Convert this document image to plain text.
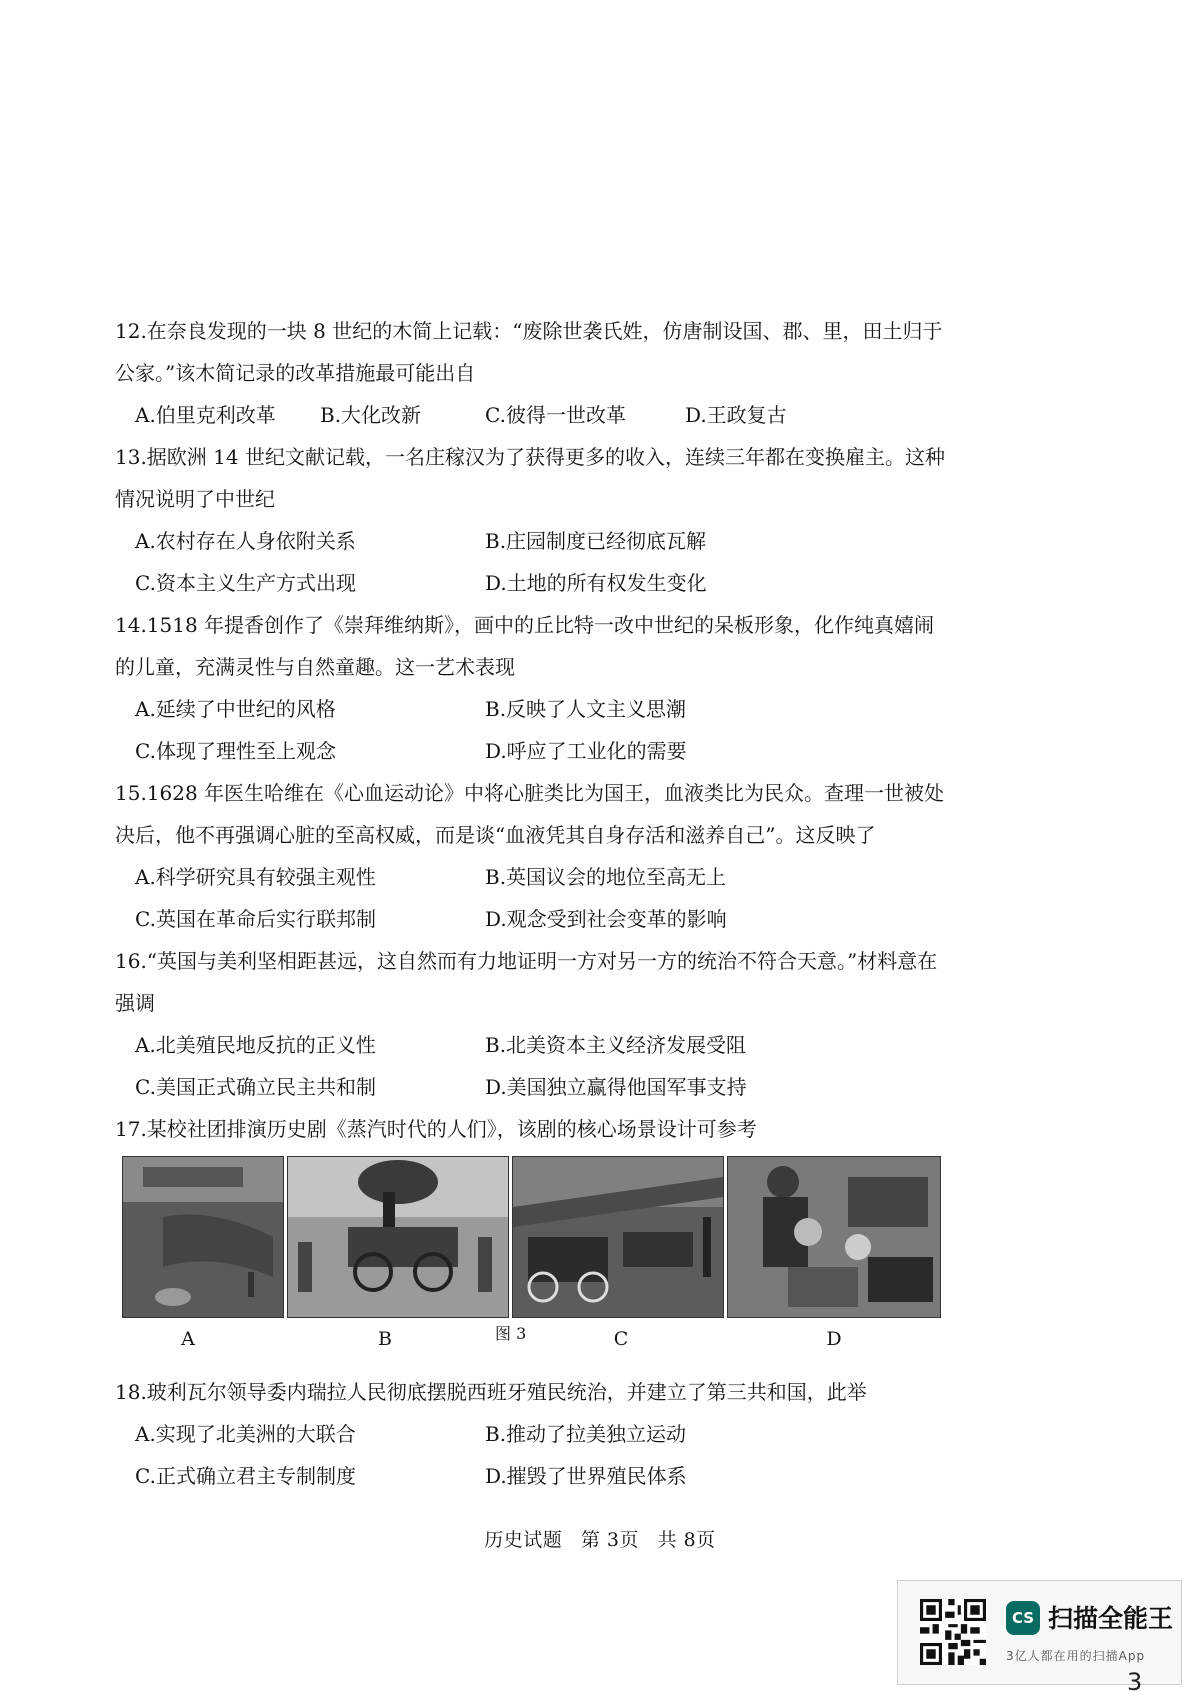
12.在奈良发现的一块 8 世纪的木简上记载：“废除世袭氏姓，仿唐制设国、郡、里，田土归于公家。”该木简记录的改革措施最可能出自

A.伯里克利改革 B.大化改新	C.彼得一世改革	D.王政复古

13.据欧洲 14 世纪文献记载，一名庄稼汉为了获得更多的收入，连续三年都在变换雇主。这种情况说明了中世纪

A.农村存在人身依附关系	B.庄园制度已经彻底瓦解
C.资本主义生产方式出现	D.土地的所有权发生变化

14.1518 年提香创作了《崇拜维纳斯》，画中的丘比特一改中世纪的呆板形象，化作纯真嬉闹的儿童，充满灵性与自然童趣。这一艺术表现

A.延续了中世纪的风格	B.反映了人文主义思潮
C.体现了理性至上观念	D.呼应了工业化的需要

15.1628 年医生哈维在《心血运动论》中将心脏类比为国王，血液类比为民众。查理一世被处决后，他不再强调心脏的至高权威，而是谈“血液凭其自身存活和滋养自己”。这反映了

A.科学研究具有较强主观性	B.英国议会的地位至高无上
C.英国在革命后实行联邦制	D.观念受到社会变革的影响

16.“英国与美利坚相距甚远，这自然而有力地证明一方对另一方的统治不符合天意。”材料意在强调

A.北美殖民地反抗的正义性	B.北美资本主义经济发展受阻
C.美国正式确立民主共和制	D.美国独立赢得他国军事支持

17.某校社团排演历史剧《蒸汽时代的人们》，该剧的核心场景设计可参考

A	B	图 3	C	D

18.玻利瓦尔领导委内瑞拉人民彻底摆脱西班牙殖民统治，并建立了第三共和国，此举

A.实现了北美洲的大联合	B.推动了拉美独立运动
C.正式确立君主专制制度	D.摧毁了世界殖民体系
历史试题 第 3页 共 8页
CS 扫描全能王
3亿人都在用的扫描App
3
